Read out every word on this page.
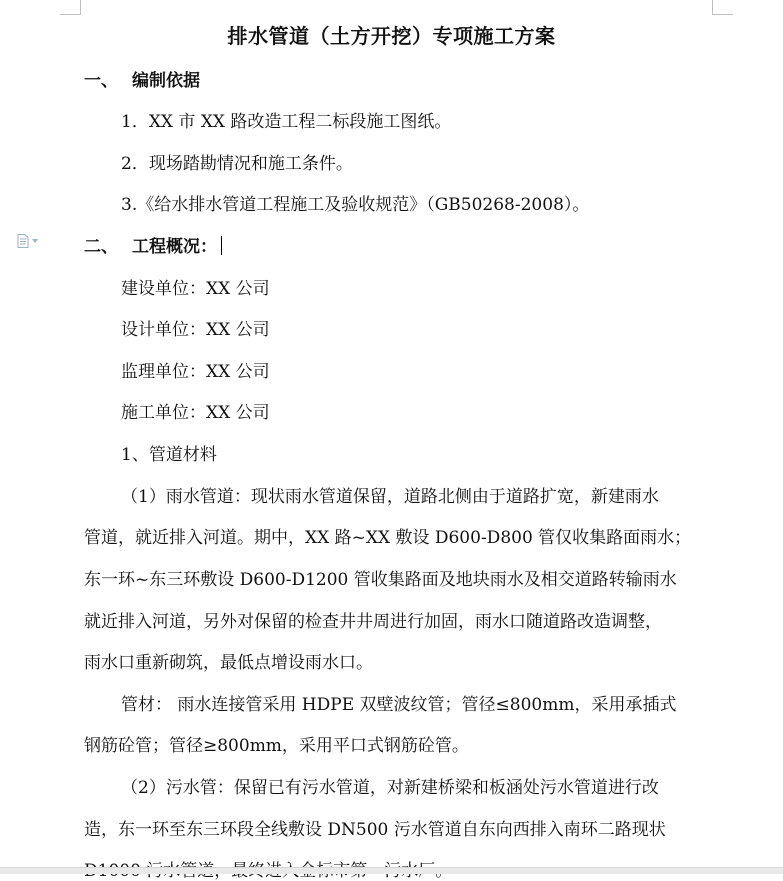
排水管道（土方开挖）专项施工方案
一、 编制依据
1．XX 市 XX 路改造工程二标段施工图纸。
2．现场踏勘情况和施工条件。
3.《给水排水管道工程施工及验收规范》（GB50268-2008）。
二、 工程概况：
建设单位：XX 公司
设计单位：XX 公司
监理单位：XX 公司
施工单位：XX 公司
1、管道材料
（1）雨水管道：现状雨水管道保留，道路北侧由于道路扩宽，新建雨水
管道，就近排入河道。期中，XX 路~XX 敷设 D600-D800 管仅收集路面雨水；
东一环~东三环敷设 D600-D1200 管收集路面及地块雨水及相交道路转输雨水
就近排入河道，另外对保留的检查井井周进行加固，雨水口随道路改造调整，
雨水口重新砌筑，最低点增设雨水口。
管材： 雨水连接管采用 HDPE 双壁波纹管；管径≤800mm，采用承插式
钢筋砼管；管径≥800mm，采用平口式钢筋砼管。
（2）污水管：保留已有污水管道，对新建桥梁和板涵处污水管道进行改
造，东一环至东三环段全线敷设 DN500 污水管道自东向西排入南环二路现状
